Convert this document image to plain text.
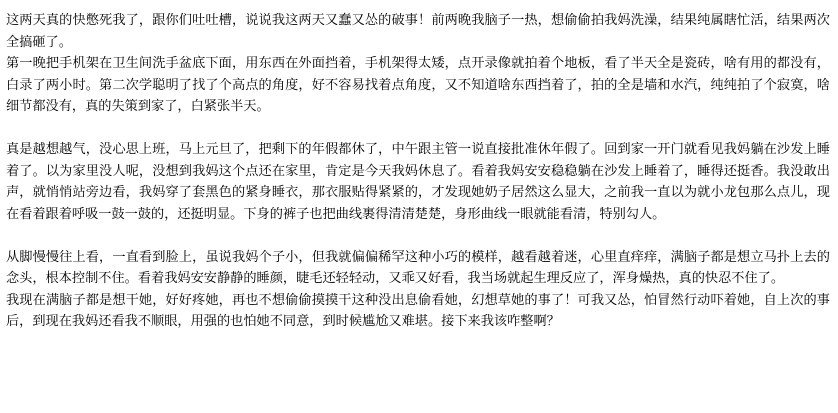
这两天真的快憋死我了，跟你们吐吐槽，说说我这两天又蠢又怂的破事！前两晚我脑子一热，想偷偷拍我妈洗澡，结果纯属瞎忙活，结果两次全搞砸了。

第一晚把手机架在卫生间洗手盆底下面，用东西在外面挡着，手机架得太矮，点开录像就拍着个地板，看了半天全是瓷砖，啥有用的都没有，白录了两小时。第二次学聪明了找了个高点的角度，好不容易找着点角度，又不知道啥东西挡着了，拍的全是墙和水汽，纯纯拍了个寂寞，啥细节都没有，真的失策到家了，白紧张半天。

真是越想越气，没心思上班，马上元旦了，把剩下的年假都休了，中午跟主管一说直接批准休年假了。回到家一开门就看见我妈躺在沙发上睡着了。以为家里没人呢，没想到我妈这个点还在家里，肯定是今天我妈休息了。看着我妈安安稳稳躺在沙发上睡着了，睡得还挺香。我没敢出声，就悄悄站旁边看，我妈穿了套黑色的紧身睡衣，那衣服贴得紧紧的，才发现她奶子居然这么显大，之前我一直以为就小龙包那么点儿，现在看着跟着呼吸一鼓一鼓的，还挺明显。下身的裤子也把曲线裹得清清楚楚，身形曲线一眼就能看清，特别勾人。

从脚慢慢往上看，一直看到脸上，虽说我妈个子小，但我就偏偏稀罕这种小巧的模样，越看越着迷，心里直痒痒，满脑子都是想立马扑上去的念头，根本控制不住。看着我妈安安静静的睡颜，睫毛还轻轻动，又乖又好看，我当场就起生理反应了，浑身燥热，真的快忍不住了。

我现在满脑子都是想干她，好好疼她，再也不想偷偷摸摸干这种没出息偷看她，幻想草她的事了！可我又怂，怕冒然行动吓着她，自上次的事后，到现在我妈还看我不顺眼，用强的也怕她不同意，到时候尴尬又难堪。接下来我该咋整啊？
